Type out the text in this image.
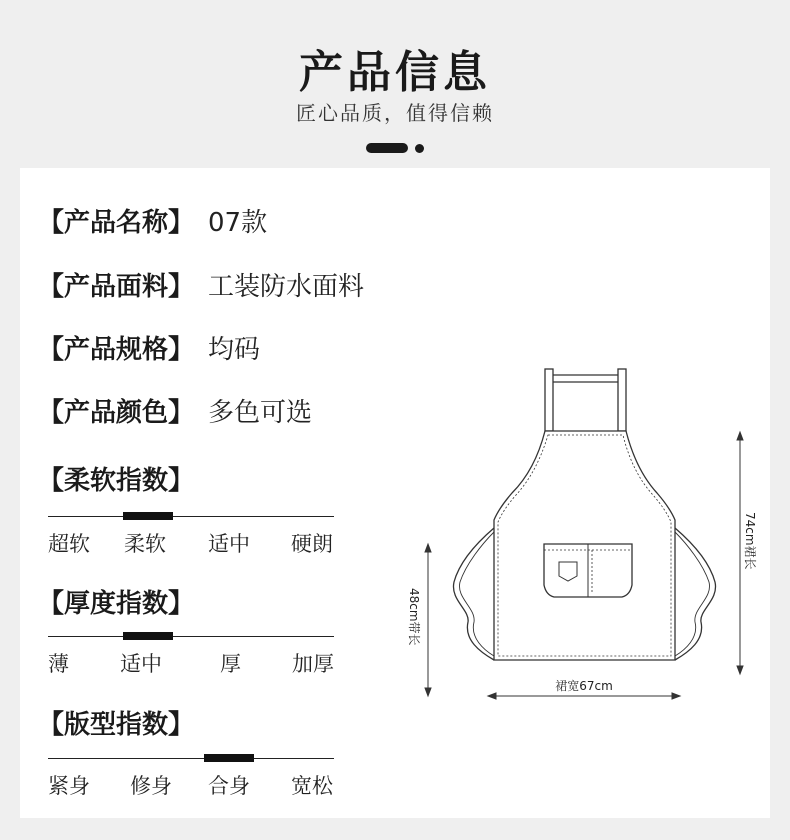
产品信息
匠心品质，值得信赖
【产品名称】 07款
【产品面料】 工装防水面料
【产品规格】 均码
【产品颜色】 多色可选
【柔软指数】
超软 柔软 适中 硬朗
【厚度指数】
薄 适中	厚 加厚
【版型指数】
紧身 修身 合身 宽松
裙宽67cm
74cm裙长
48cm带长
